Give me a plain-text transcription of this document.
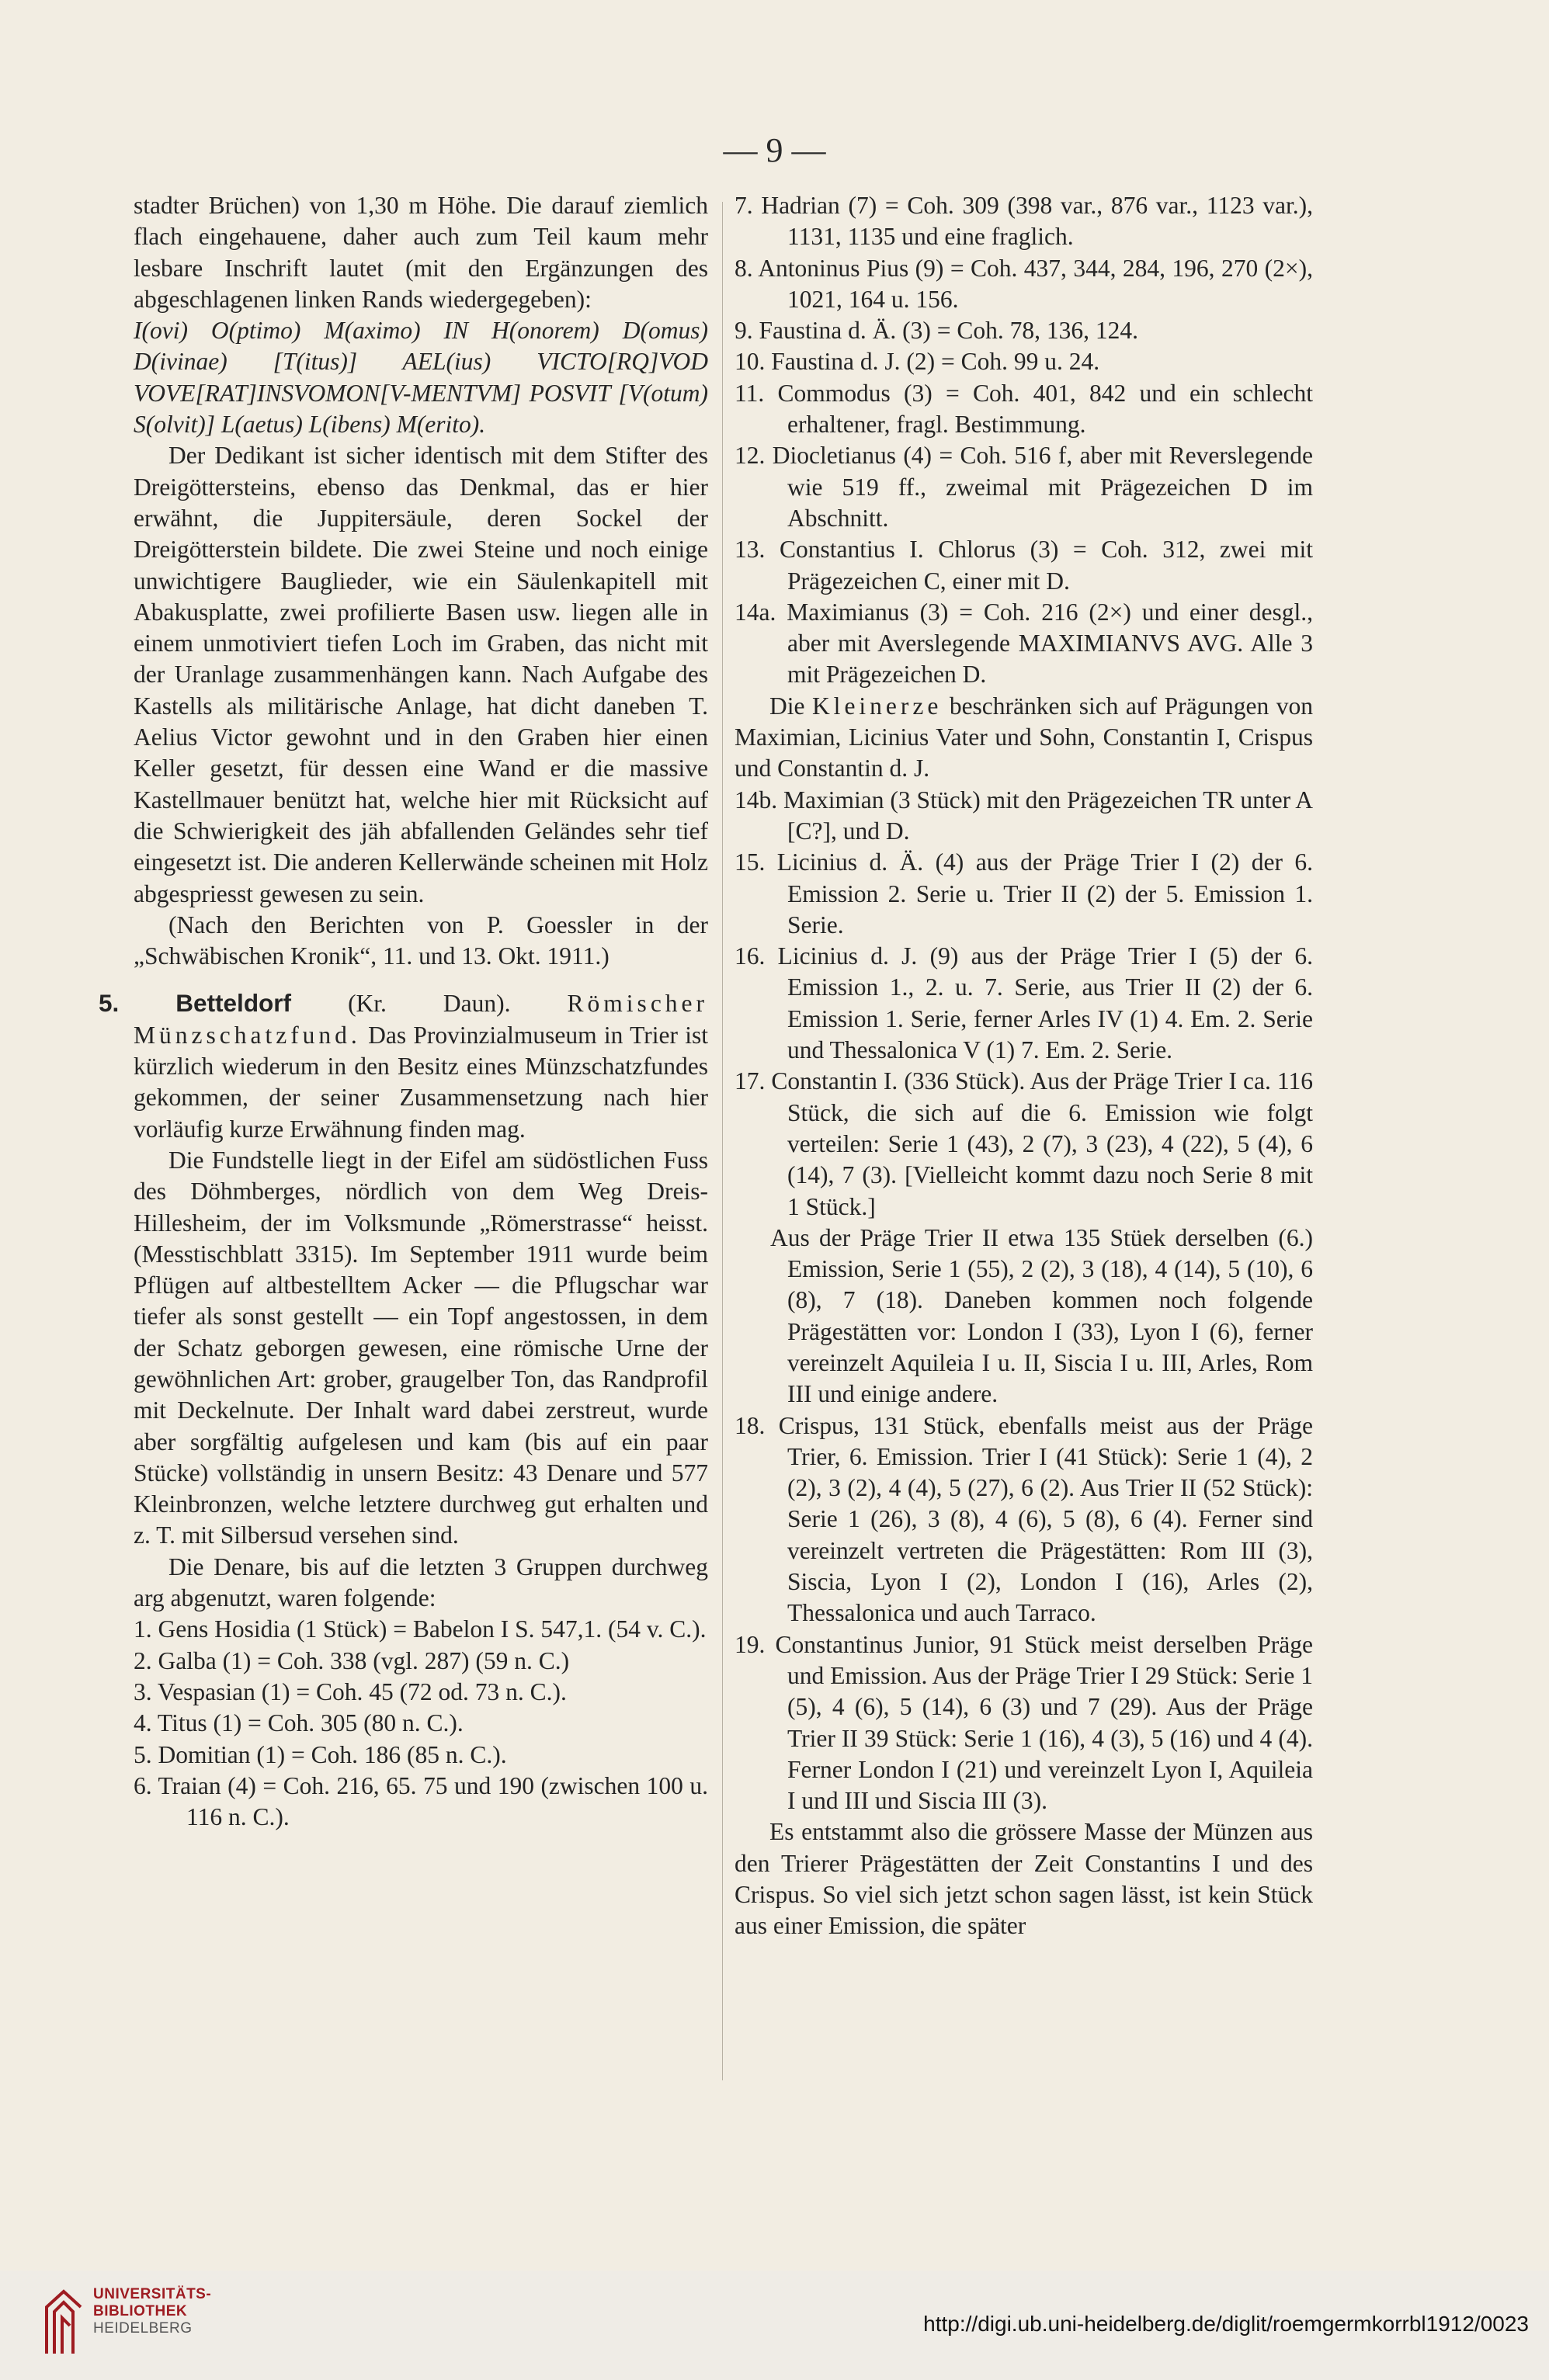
— 9 —

stadter Brüchen) von 1,30 m Höhe. Die darauf ziemlich flach eingehauene, daher auch zum Teil kaum mehr lesbare Inschrift lautet (mit den Ergänzungen des abgeschlagenen linken Rands wiedergegeben):

I(ovi) O(ptimo) M(aximo) IN H(onorem) D(omus) D(ivinae) [T(itus)] AEL(ius) VICTO[RQ]VOD VOVE[RAT]INSVOMON[V-MENTVM] POSVIT [V(otum) S(olvit)] L(aetus) L(ibens) M(erito).

Der Dedikant ist sicher identisch mit dem Stifter des Dreigöttersteins, ebenso das Denkmal, das er hier erwähnt, die Juppitersäule, deren Sockel der Dreigötterstein bildete. Die zwei Steine und noch einige unwichtigere Bauglieder, wie ein Säulenkapitell mit Abakusplatte, zwei profilierte Basen usw. liegen alle in einem unmotiviert tiefen Loch im Graben, das nicht mit der Uranlage zusammenhängen kann. Nach Aufgabe des Kastells als militärische Anlage, hat dicht daneben T. Aelius Victor gewohnt und in den Graben hier einen Keller gesetzt, für dessen eine Wand er die massive Kastellmauer benützt hat, welche hier mit Rücksicht auf die Schwierigkeit des jäh abfallenden Geländes sehr tief eingesetzt ist. Die anderen Kellerwände scheinen mit Holz abgespriesst gewesen zu sein.

(Nach den Berichten von P. Goessler in der „Schwäbischen Kronik“, 11. und 13. Okt. 1911.)

5. Betteldorf (Kr. Daun). Römischer Münzschatzfund. Das Provinzialmuseum in Trier ist kürzlich wiederum in den Besitz eines Münzschatzfundes gekommen, der seiner Zusammensetzung nach hier vorläufig kurze Erwähnung finden mag.

Die Fundstelle liegt in der Eifel am südöstlichen Fuss des Döhmberges, nördlich von dem Weg Dreis-Hillesheim, der im Volksmunde „Römerstrasse“ heisst. (Messtischblatt 3315). Im September 1911 wurde beim Pflügen auf altbestelltem Acker — die Pflugschar war tiefer als sonst gestellt — ein Topf angestossen, in dem der Schatz geborgen gewesen, eine römische Urne der gewöhnlichen Art: grober, graugelber Ton, das Randprofil mit Deckelnute. Der Inhalt ward dabei zerstreut, wurde aber sorgfältig aufgelesen und kam (bis auf ein paar Stücke) vollständig in unsern Besitz: 43 Denare und 577 Kleinbronzen, welche letztere durchweg gut erhalten und z. T. mit Silbersud versehen sind.

Die Denare, bis auf die letzten 3 Gruppen durchweg arg abgenutzt, waren folgende:

1. Gens Hosidia (1 Stück) = Babelon I S. 547,1. (54 v. C.).
2. Galba (1) = Coh. 338 (vgl. 287) (59 n. C.)
3. Vespasian (1) = Coh. 45 (72 od. 73 n. C.).
4. Titus (1) = Coh. 305 (80 n. C.).
5. Domitian (1) = Coh. 186 (85 n. C.).
6. Traian (4) = Coh. 216, 65. 75 und 190 (zwischen 100 u. 116 n. C.).
7. Hadrian (7) = Coh. 309 (398 var., 876 var., 1123 var.), 1131, 1135 und eine fraglich.
8. Antoninus Pius (9) = Coh. 437, 344, 284, 196, 270 (2×), 1021, 164 u. 156.
9. Faustina d. Ä. (3) = Coh. 78, 136, 124.
10. Faustina d. J. (2) = Coh. 99 u. 24.
11. Commodus (3) = Coh. 401, 842 und ein schlecht erhaltener, fragl. Bestimmung.
12. Diocletianus (4) = Coh. 516 f, aber mit Reverslegende wie 519 ff., zweimal mit Prägezeichen D im Abschnitt.
13. Constantius I. Chlorus (3) = Coh. 312, zwei mit Prägezeichen C, einer mit D.
14a. Maximianus (3) = Coh. 216 (2×) und einer desgl., aber mit Averslegende MAXIMIANVS AVG. Alle 3 mit Prägezeichen D.

Die Kleinerze beschränken sich auf Prägungen von Maximian, Licinius Vater und Sohn, Constantin I, Crispus und Constantin d. J.

14b. Maximian (3 Stück) mit den Prägezeichen TR unter A [C?], und D.
15. Licinius d. Ä. (4) aus der Präge Trier I (2) der 6. Emission 2. Serie u. Trier II (2) der 5. Emission 1. Serie.
16. Licinius d. J. (9) aus der Präge Trier I (5) der 6. Emission 1., 2. u. 7. Serie, aus Trier II (2) der 6. Emission 1. Serie, ferner Arles IV (1) 4. Em. 2. Serie und Thessalonica V (1) 7. Em. 2. Serie.
17. Constantin I. (336 Stück). Aus der Präge Trier I ca. 116 Stück, die sich auf die 6. Emission wie folgt verteilen: Serie 1 (43), 2 (7), 3 (23), 4 (22), 5 (4), 6 (14), 7 (3). [Vielleicht kommt dazu noch Serie 8 mit 1 Stück.]

Aus der Präge Trier II etwa 135 Stüek derselben (6.) Emission, Serie 1 (55), 2 (2), 3 (18), 4 (14), 5 (10), 6 (8), 7 (18). Daneben kommen noch folgende Prägestätten vor: London I (33), Lyon I (6), ferner vereinzelt Aquileia I u. II, Siscia I u. III, Arles, Rom III und einige andere.

18. Crispus, 131 Stück, ebenfalls meist aus der Präge Trier, 6. Emission. Trier I (41 Stück): Serie 1 (4), 2 (2), 3 (2), 4 (4), 5 (27), 6 (2). Aus Trier II (52 Stück): Serie 1 (26), 3 (8), 4 (6), 5 (8), 6 (4). Ferner sind vereinzelt vertreten die Prägestätten: Rom III (3), Siscia, Lyon I (2), London I (16), Arles (2), Thessalonica und auch Tarraco.
19. Constantinus Junior, 91 Stück meist derselben Präge und Emission. Aus der Präge Trier I 29 Stück: Serie 1 (5), 4 (6), 5 (14), 6 (3) und 7 (29). Aus der Präge Trier II 39 Stück: Serie 1 (16), 4 (3), 5 (16) und 4 (4). Ferner London I (21) und vereinzelt Lyon I, Aquileia I und III und Siscia III (3).

Es entstammt also die grössere Masse der Münzen aus den Trierer Prägestätten der Zeit Constantins I und des Crispus. So viel sich jetzt schon sagen lässt, ist kein Stück aus einer Emission, die später

UNIVERSITÄTS-
BIBLIOTHEK
HEIDELBERG	http://digi.ub.uni-heidelberg.de/diglit/roemgermkorrbl1912/0023
